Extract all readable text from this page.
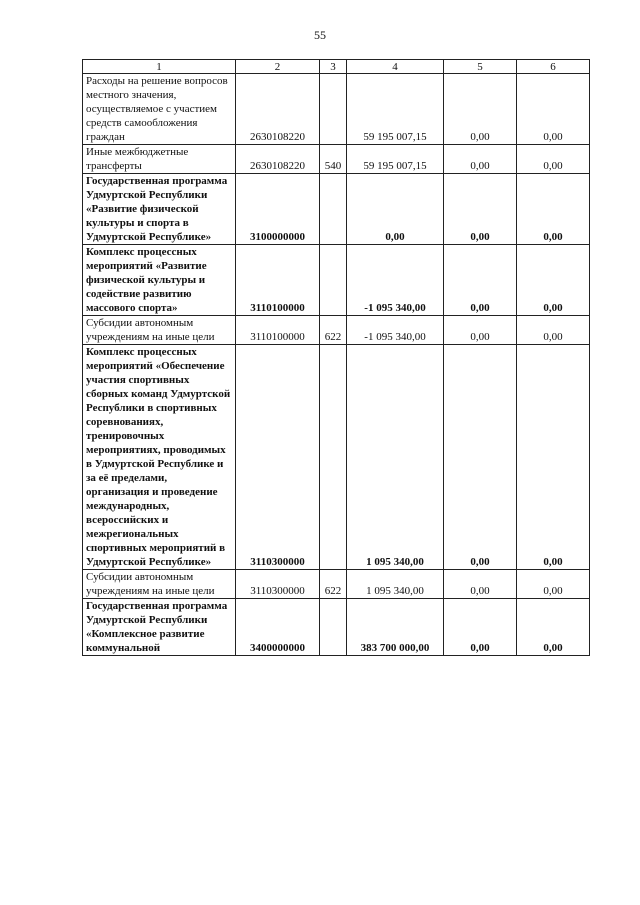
55
1	2	3	4	5	6
Расходы на решение вопросов местного значения, осуществляемое с участием средств самообложения граждан	2630108220		59 195 007,15	0,00	0,00
Иные межбюджетные трансферты	2630108220	540	59 195 007,15	0,00	0,00
Государственная программа Удмуртской Республики «Развитие физической культуры и спорта в Удмуртской Республике»	3100000000		0,00	0,00	0,00
Комплекс процессных мероприятий «Развитие физической культуры и содействие развитию массового спорта»	3110100000		-1 095 340,00	0,00	0,00
Субсидии автономным учреждениям на иные цели	3110100000	622	-1 095 340,00	0,00	0,00
Комплекс процессных мероприятий «Обеспечение участия спортивных сборных команд Удмуртской Республики в спортивных соревнованиях, тренировочных мероприятиях, проводимых в Удмуртской Республике и за её пределами, организация и проведение международных, всероссийских и межрегиональных спортивных мероприятий в Удмуртской Республике»	3110300000		1 095 340,00	0,00	0,00
Субсидии автономным учреждениям на иные цели	3110300000	622	1 095 340,00	0,00	0,00
Государственная программа Удмуртской Республики «Комплексное развитие коммунальной	3400000000		383 700 000,00	0,00	0,00
